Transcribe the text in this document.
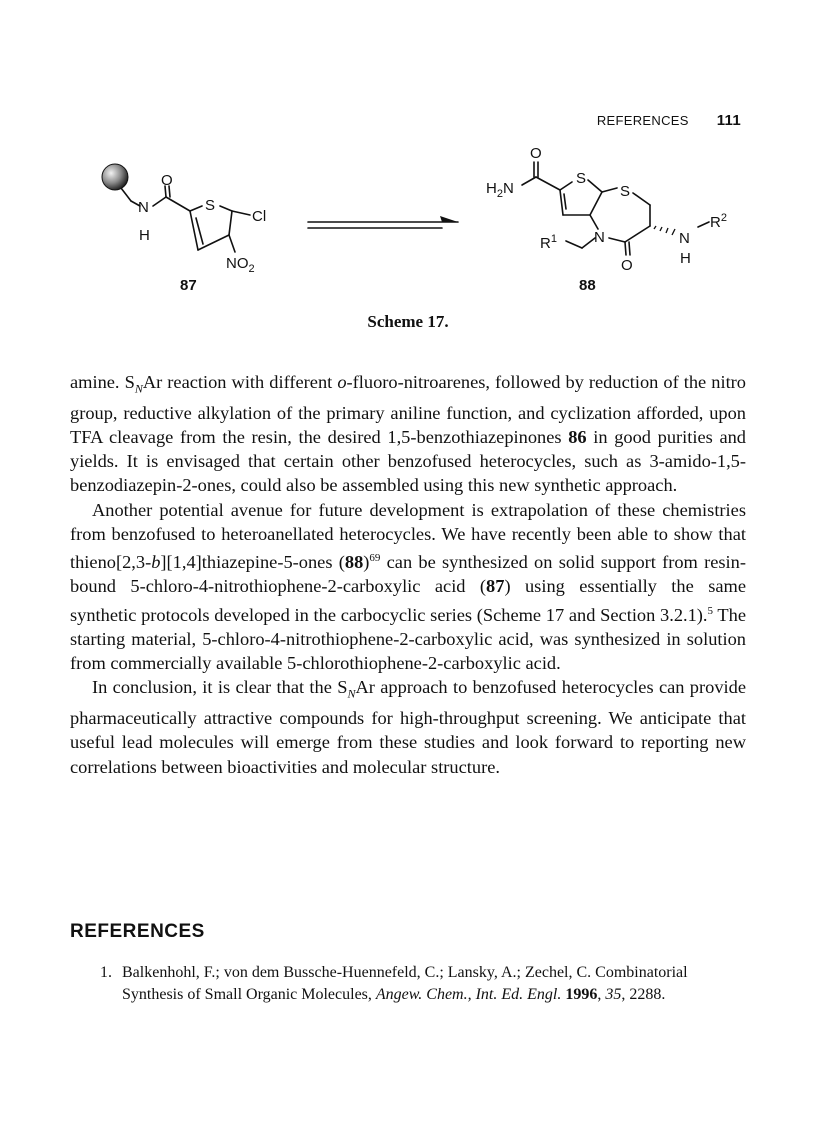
REFERENCES 111
O
N
H
S
Cl
$NO_2$
87
O
$H_2N$
S
S
N
$R^1$
O
N
H
$R^2$
88
Scheme 17.

amine. $S_NAr$ reaction with different o-fluoro-nitroarenes, followed by reduction of the nitro group, reductive alkylation of the primary aniline function, and cyclization afforded, upon TFA cleavage from the resin, the desired 1,5-benzothiazepinones 86 in good purities and yields. It is envisaged that certain other benzofused heterocycles, such as 3-amido-1,5-benzodiazepin-2-ones, could also be assembled using this new synthetic approach.

Another potential avenue for future development is extrapolation of these chemistries from benzofused to heteroanellated heterocycles. We have recently been able to show that thieno[2,3-b][1,4]thiazepine-5-ones $(88)^{69}$ can be synthesized on solid support from resin-bound 5-chloro-4-nitrothiophene-2-carboxylic acid (87) using essentially the same synthetic protocols developed in the carbocyclic series (Scheme 17 and Section 3.2.1).$^5$ The starting material, 5-chloro-4-nitrothiophene-2-carboxylic acid, was synthesized in solution from commercially available 5-chlorothiophene-2-carboxylic acid.

In conclusion, it is clear that the $S_NAr$ approach to benzofused heterocycles can provide pharmaceutically attractive compounds for high-throughput screening. We anticipate that useful lead molecules will emerge from these studies and look forward to reporting new correlations between bioactivities and molecular structure.

REFERENCES
1. Balkenhohl, F.; von dem Bussche-Huennefeld, C.; Lansky, A.; Zechel, C. Combinatorial Synthesis of Small Organic Molecules, Angew. Chem., Int. Ed. Engl. 1996, 35, 2288.
